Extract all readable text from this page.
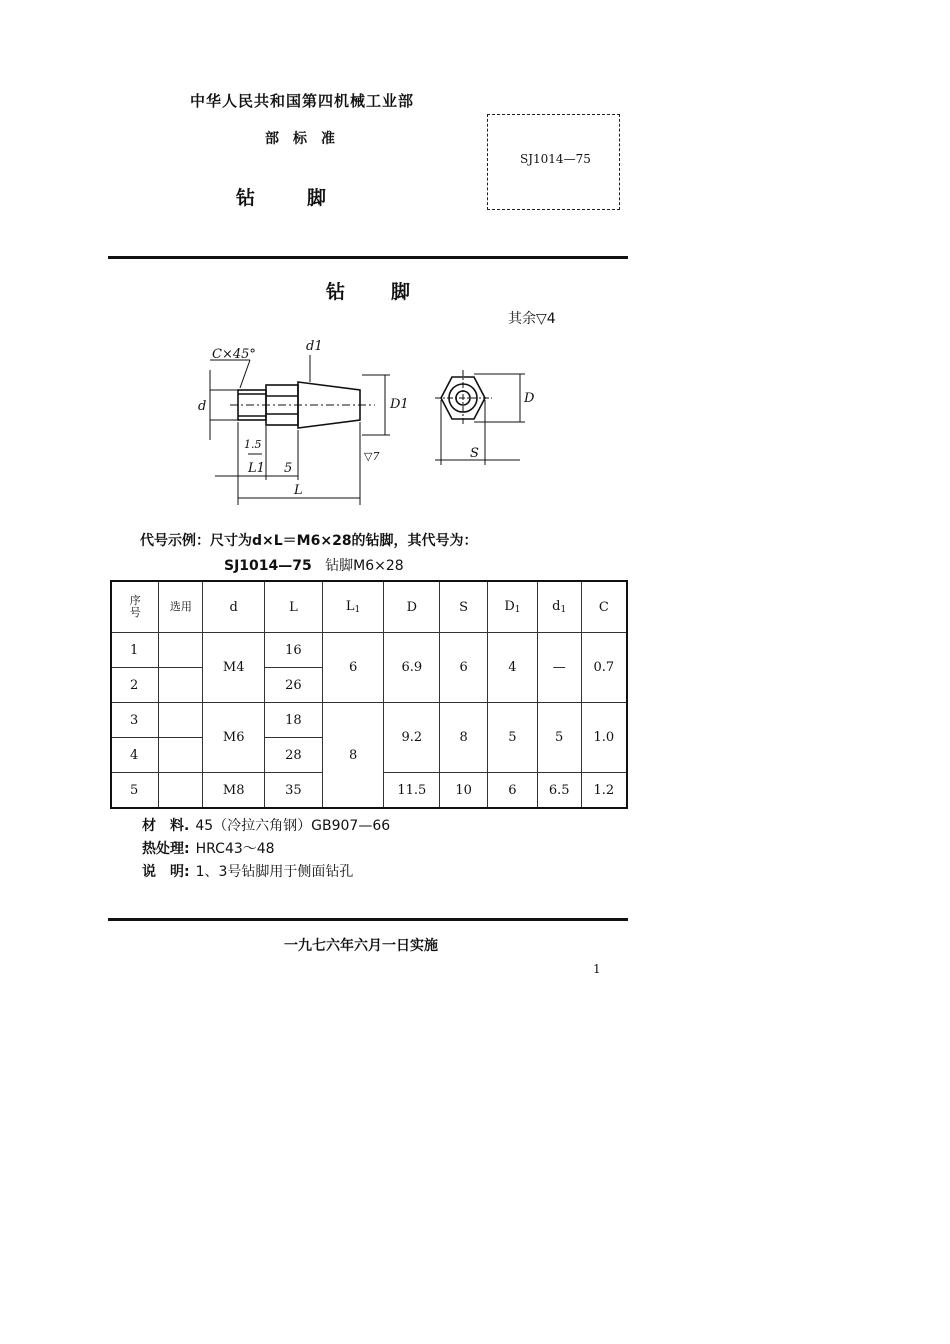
中华人民共和国第四机械工业部
部标准
钻脚
SJ1014—75
钻脚
其余▽4
C×45°
d1
d	D1
1.5
L1 5
L
▽7
D
S
代号示例：尺寸为d×L＝M6×28的钻脚，其代号为：
SJ1014—75 钻脚M6×28
序号	选用	d	L	$L_1$	D	S	$D_1$	$d_1$	C
1		M4	16	6	6.9	6	4	—	0.7
2			26						
3		M6	18	8	9.2	8	5	5	1.0
4			28						
5		M8	35		11.5	10	6	6.5	1.2
材　料. 45（冷拉六角钢）GB907—66
热处理: HRC43～48
说　明: 1、3号钻脚用于侧面钻孔
一九七六年六月一日实施
1
